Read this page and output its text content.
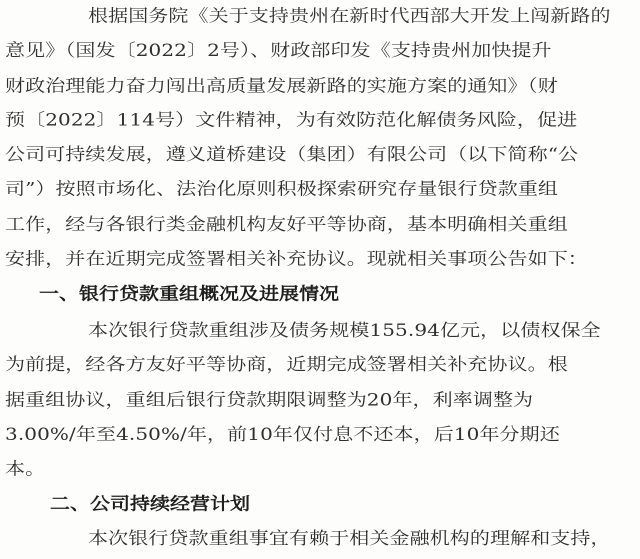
根据国务院《关于支持贵州在新时代西部大开发上闯新路的
意见》（国发〔2022〕2号）、财政部印发《支持贵州加快提升
财政治理能力奋力闯出高质量发展新路的实施方案的通知》（财
预〔2022〕114号）文件精神，为有效防范化解债务风险，促进
公司可持续发展，遵义道桥建设（集团）有限公司（以下简称“公
司”）按照市场化、法治化原则积极探索研究存量银行贷款重组
工作，经与各银行类金融机构友好平等协商，基本明确相关重组
安排，并在近期完成签署相关补充协议。现就相关事项公告如下：
一、银行贷款重组概况及进展情况
本次银行贷款重组涉及债务规模155.94亿元，以债权保全
为前提，经各方友好平等协商，近期完成签署相关补充协议。根
据重组协议，重组后银行贷款期限调整为20年，利率调整为
3.00%/年至4.50%/年，前10年仅付息不还本，后10年分期还
本。
二、公司持续经营计划
本次银行贷款重组事宜有赖于相关金融机构的理解和支持，
